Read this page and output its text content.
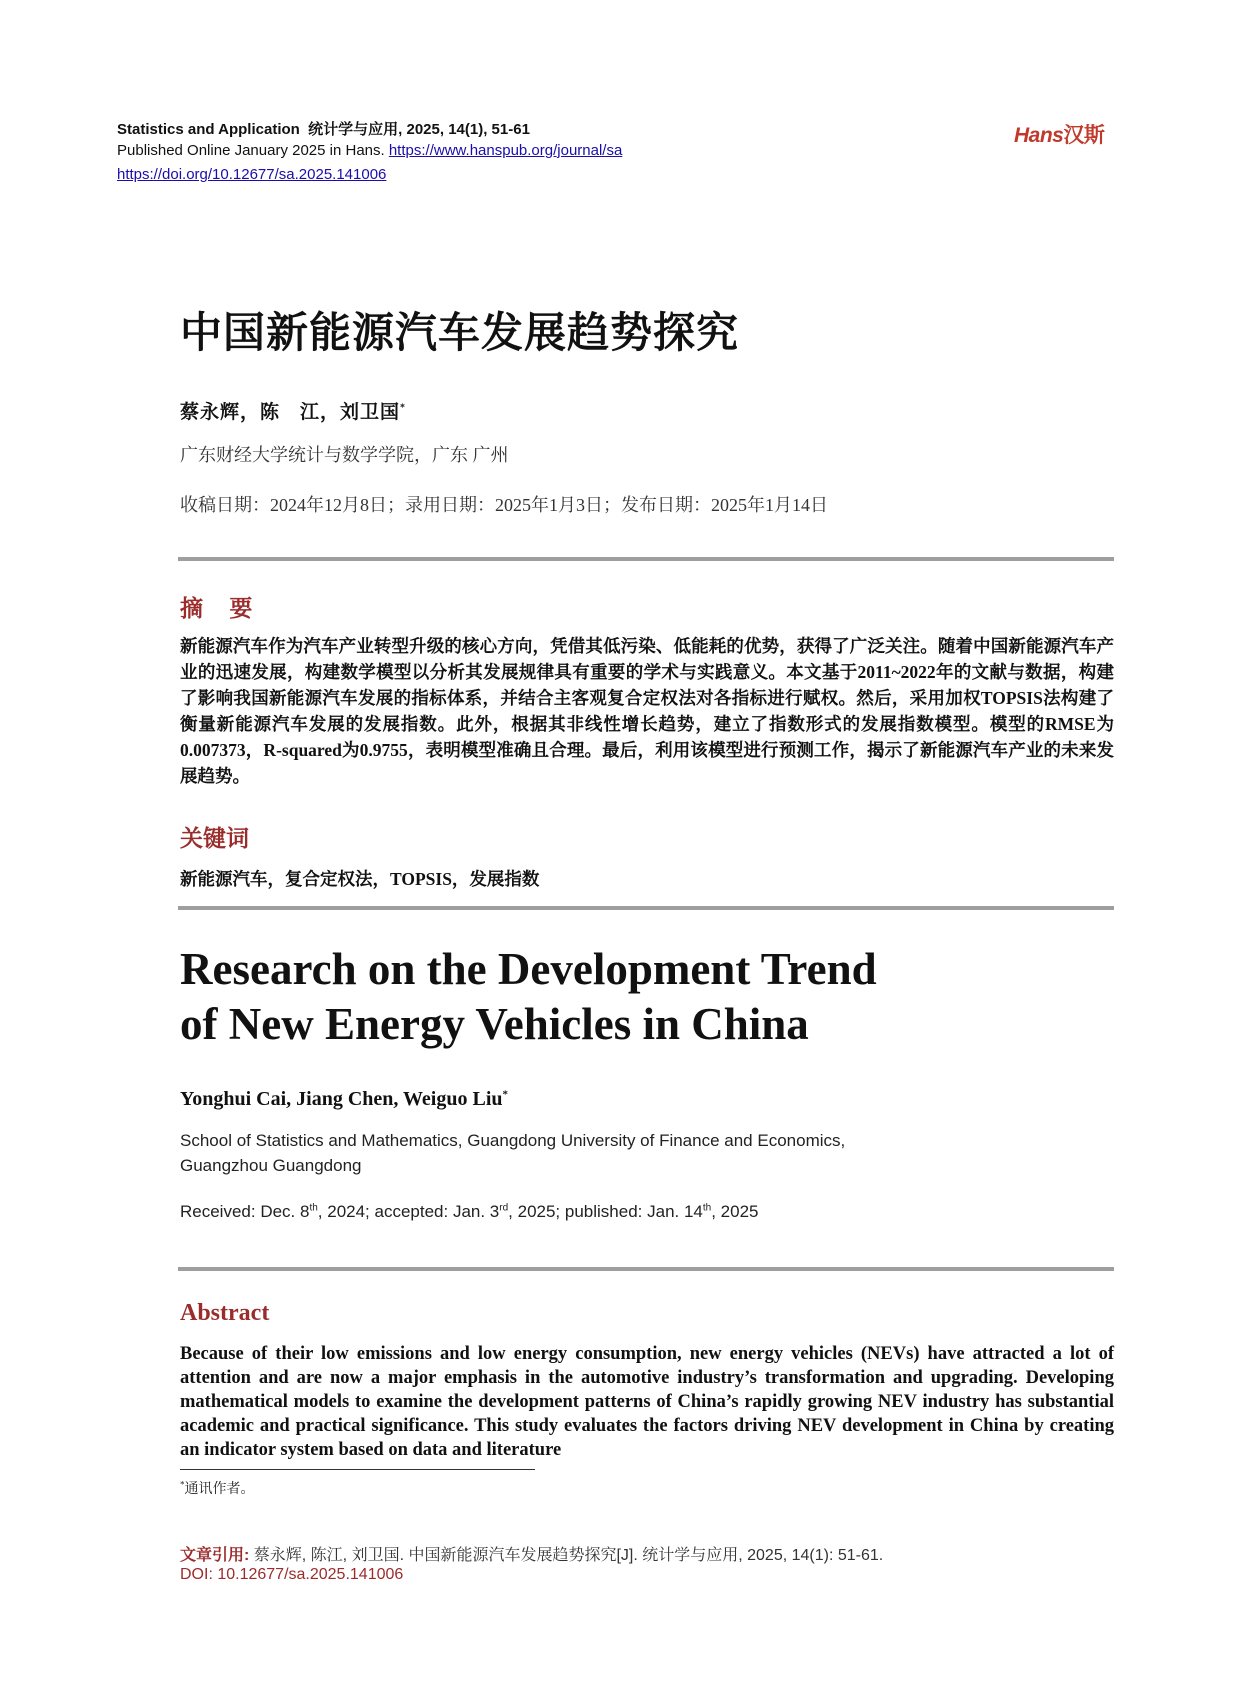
Statistics and Application 统计学与应用, 2025, 14(1), 51-61
Published Online January 2025 in Hans. https://www.hanspub.org/journal/sa
https://doi.org/10.12677/sa.2025.141006
Hans汉斯
中国新能源汽车发展趋势探究
蔡永辉，陈　江，刘卫国*
广东财经大学统计与数学学院，广东 广州
收稿日期：2024年12月8日；录用日期：2025年1月3日；发布日期：2025年1月14日
摘 要
新能源汽车作为汽车产业转型升级的核心方向，凭借其低污染、低能耗的优势，获得了广泛关注。随着中国新能源汽车产业的迅速发展，构建数学模型以分析其发展规律具有重要的学术与实践意义。本文基于2011~2022年的文献与数据，构建了影响我国新能源汽车发展的指标体系，并结合主客观复合定权法对各指标进行赋权。然后，采用加权TOPSIS法构建了衡量新能源汽车发展的发展指数。此外，根据其非线性增长趋势，建立了指数形式的发展指数模型。模型的RMSE为0.007373，R-squared为0.9755，表明模型准确且合理。最后，利用该模型进行预测工作，揭示了新能源汽车产业的未来发展趋势。
关键词
新能源汽车，复合定权法，TOPSIS，发展指数
Research on the Development Trend
of New Energy Vehicles in China
Yonghui Cai, Jiang Chen, Weiguo Liu*
School of Statistics and Mathematics, Guangdong University of Finance and Economics,
Guangzhou Guangdong
Received: Dec. 8th, 2024; accepted: Jan. 3rd, 2025; published: Jan. 14th, 2025
Abstract
Because of their low emissions and low energy consumption, new energy vehicles (NEVs) have attracted a lot of attention and are now a major emphasis in the automotive industry’s transformation and upgrading. Developing mathematical models to examine the development patterns of China’s rapidly growing NEV industry has substantial academic and practical significance. This study evaluates the factors driving NEV development in China by creating an indicator system based on data and literature
*通讯作者。
文章引用: 蔡永辉, 陈江, 刘卫国. 中国新能源汽车发展趋势探究[J]. 统计学与应用, 2025, 14(1): 51-61.
DOI: 10.12677/sa.2025.141006
